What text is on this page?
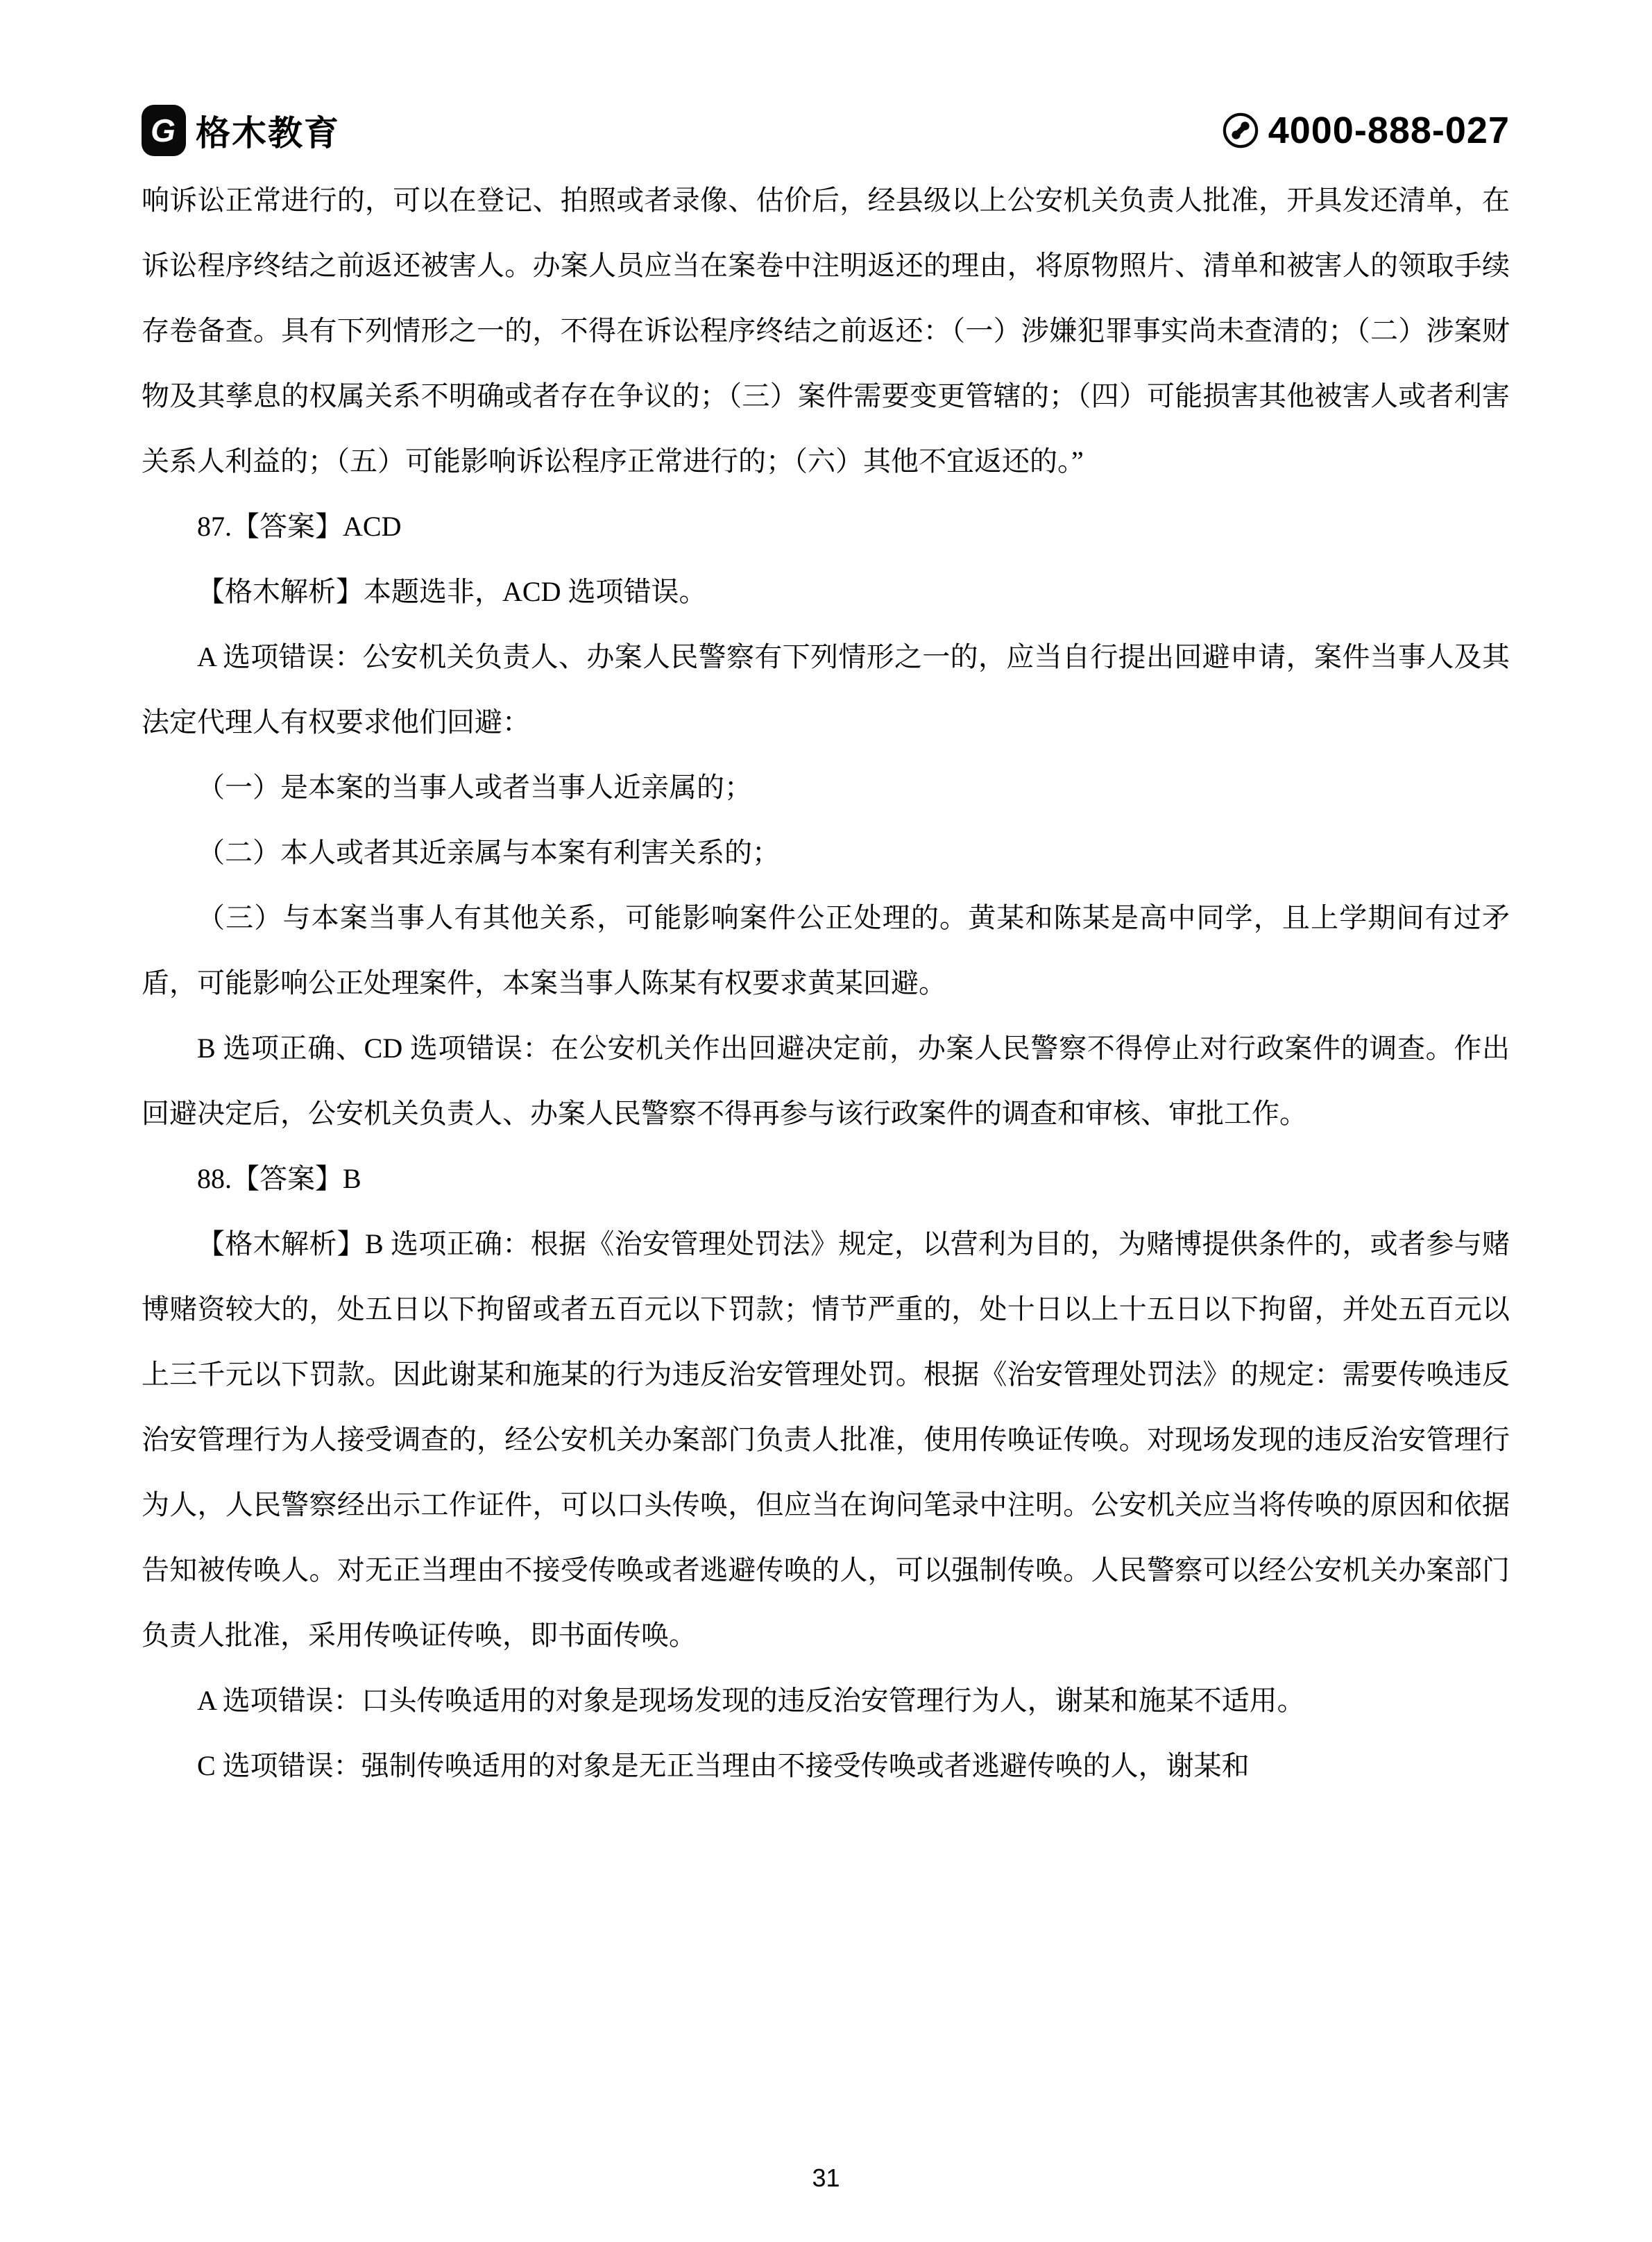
G 格木教育	4000-888-027

响诉讼正常进行的，可以在登记、拍照或者录像、估价后，经县级以上公安机关负责人批准，开具发还清单，在诉讼程序终结之前返还被害人。办案人员应当在案卷中注明返还的理由，将原物照片、清单和被害人的领取手续存卷备查。具有下列情形之一的，不得在诉讼程序终结之前返还：（一）涉嫌犯罪事实尚未查清的；（二）涉案财物及其孳息的权属关系不明确或者存在争议的；（三）案件需要变更管辖的；（四）可能损害其他被害人或者利害关系人利益的；（五）可能影响诉讼程序正常进行的；（六）其他不宜返还的。”

87.【答案】ACD

【格木解析】本题选非，ACD 选项错误。

A 选项错误：公安机关负责人、办案人民警察有下列情形之一的，应当自行提出回避申请，案件当事人及其法定代理人有权要求他们回避：

（一）是本案的当事人或者当事人近亲属的；

（二）本人或者其近亲属与本案有利害关系的；

（三）与本案当事人有其他关系，可能影响案件公正处理的。黄某和陈某是高中同学，且上学期间有过矛盾，可能影响公正处理案件，本案当事人陈某有权要求黄某回避。

B 选项正确、CD 选项错误：在公安机关作出回避决定前，办案人民警察不得停止对行政案件的调查。作出回避决定后，公安机关负责人、办案人民警察不得再参与该行政案件的调查和审核、审批工作。

88.【答案】B

【格木解析】B 选项正确：根据《治安管理处罚法》规定，以营利为目的，为赌博提供条件的，或者参与赌博赌资较大的，处五日以下拘留或者五百元以下罚款；情节严重的，处十日以上十五日以下拘留，并处五百元以上三千元以下罚款。因此谢某和施某的行为违反治安管理处罚。根据《治安管理处罚法》的规定：需要传唤违反治安管理行为人接受调查的，经公安机关办案部门负责人批准，使用传唤证传唤。对现场发现的违反治安管理行为人，人民警察经出示工作证件，可以口头传唤，但应当在询问笔录中注明。公安机关应当将传唤的原因和依据告知被传唤人。对无正当理由不接受传唤或者逃避传唤的人，可以强制传唤。人民警察可以经公安机关办案部门负责人批准，采用传唤证传唤，即书面传唤。

A 选项错误：口头传唤适用的对象是现场发现的违反治安管理行为人，谢某和施某不适用。

C 选项错误：强制传唤适用的对象是无正当理由不接受传唤或者逃避传唤的人，谢某和

31
